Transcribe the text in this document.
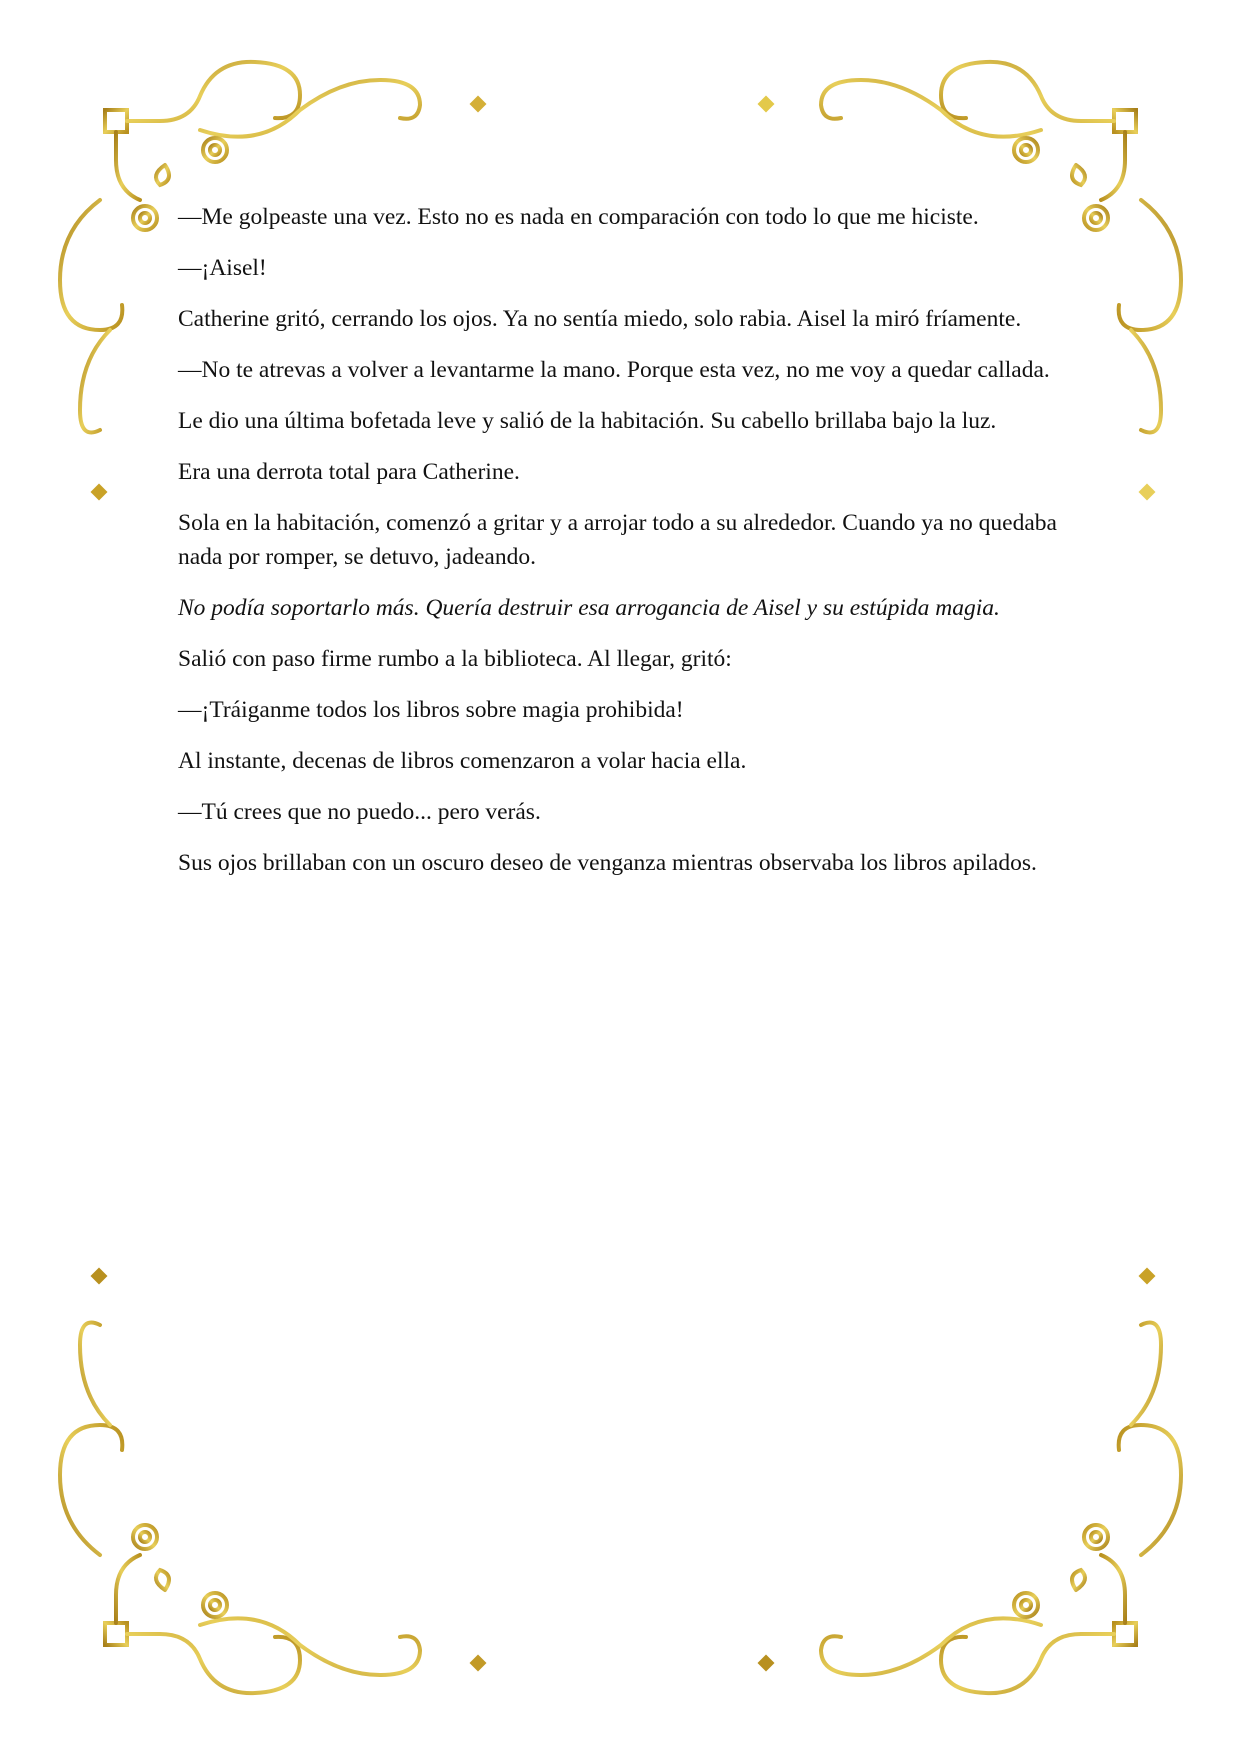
—Me golpeaste una vez. Esto no es nada en comparación con todo lo que me hiciste.

—¡Aisel!

Catherine gritó, cerrando los ojos. Ya no sentía miedo, solo rabia. Aisel la miró fríamente.

—No te atrevas a volver a levantarme la mano. Porque esta vez, no me voy a quedar callada.

Le dio una última bofetada leve y salió de la habitación. Su cabello brillaba bajo la luz.

Era una derrota total para Catherine.

Sola en la habitación, comenzó a gritar y a arrojar todo a su alrededor. Cuando ya no quedaba nada por romper, se detuvo, jadeando.

No podía soportarlo más. Quería destruir esa arrogancia de Aisel y su estúpida magia.

Salió con paso firme rumbo a la biblioteca. Al llegar, gritó:

—¡Tráiganme todos los libros sobre magia prohibida!

Al instante, decenas de libros comenzaron a volar hacia ella.

—Tú crees que no puedo... pero verás.

Sus ojos brillaban con un oscuro deseo de venganza mientras observaba los libros apilados.
